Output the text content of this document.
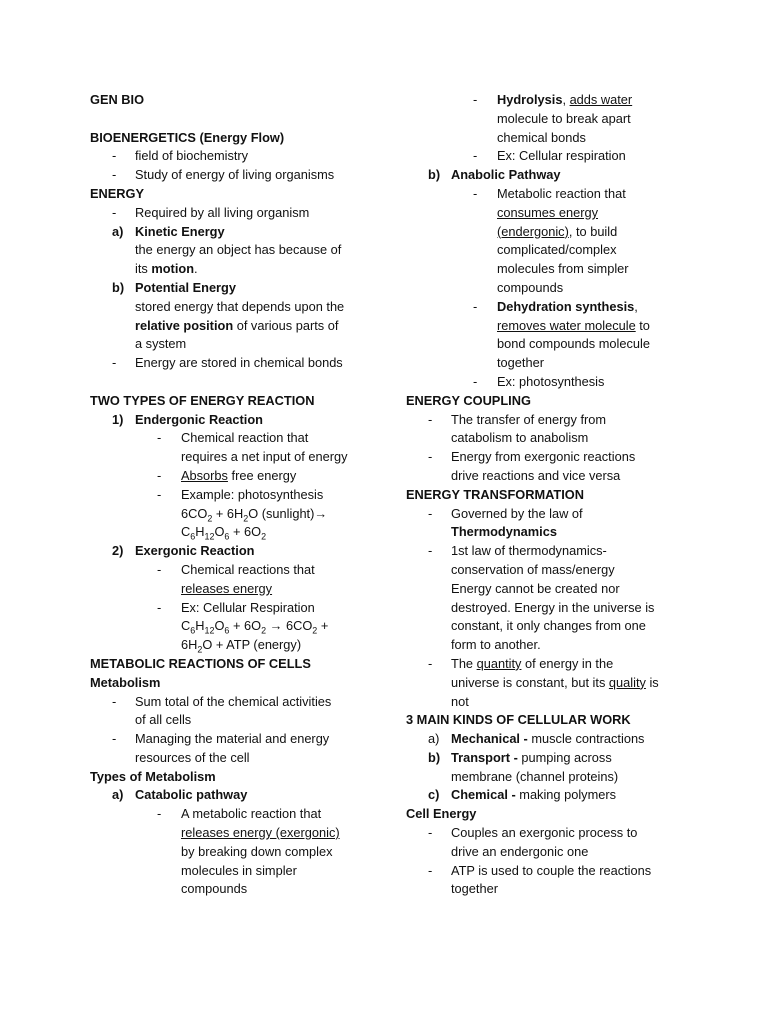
GEN BIO
BIOENERGETICS (Energy Flow)
- field of biochemistry
- Study of energy of living organisms
ENERGY
- Required by all living organism
a) Kinetic Energy
the energy an object has because of
its motion.
b) Potential Energy
stored energy that depends upon the
relative position of various parts of
a system
- Energy are stored in chemical bonds
TWO TYPES OF ENERGY REACTION
1) Endergonic Reaction
- Chemical reaction that
requires a net input of energy
- Absorbs free energy
- Example: photosynthesis
$6CO_2 + 6H_2O$ (sunlight)→
$C_6H_{12}O_6 + 6O_2$
2) Exergonic Reaction
- Chemical reactions that
releases energy
- Ex: Cellular Respiration
$C_6H_{12}O_6 + 6O_2 \to 6CO_2$ +
$6H_2O$ + ATP (energy)
METABOLIC REACTIONS OF CELLS
Metabolism
- Sum total of the chemical activities
of all cells
- Managing the material and energy
resources of the cell
Types of Metabolism
a) Catabolic pathway
- A metabolic reaction that
releases energy (exergonic)
by breaking down complex
molecules in simpler
compounds
- Hydrolysis, adds water
molecule to break apart
chemical bonds
- Ex: Cellular respiration
b) Anabolic Pathway
- Metabolic reaction that
consumes energy
(endergonic), to build
complicated/complex
molecules from simpler
compounds
- Dehydration synthesis,
removes water molecule to
bond compounds molecule
together
- Ex: photosynthesis
ENERGY COUPLING
- The transfer of energy from
catabolism to anabolism
- Energy from exergonic reactions
drive reactions and vice versa
ENERGY TRANSFORMATION
- Governed by the law of
Thermodynamics
- 1st law of thermodynamics-
conservation of mass/energy
Energy cannot be created nor
destroyed. Energy in the universe is
constant, it only changes from one
form to another.
- The quantity of energy in the
universe is constant, but its quality is
not
3 MAIN KINDS OF CELLULAR WORK
a) Mechanical - muscle contractions
b) Transport - pumping across
membrane (channel proteins)
c) Chemical - making polymers
Cell Energy
- Couples an exergonic process to
drive an endergonic one
- ATP is used to couple the reactions
together
